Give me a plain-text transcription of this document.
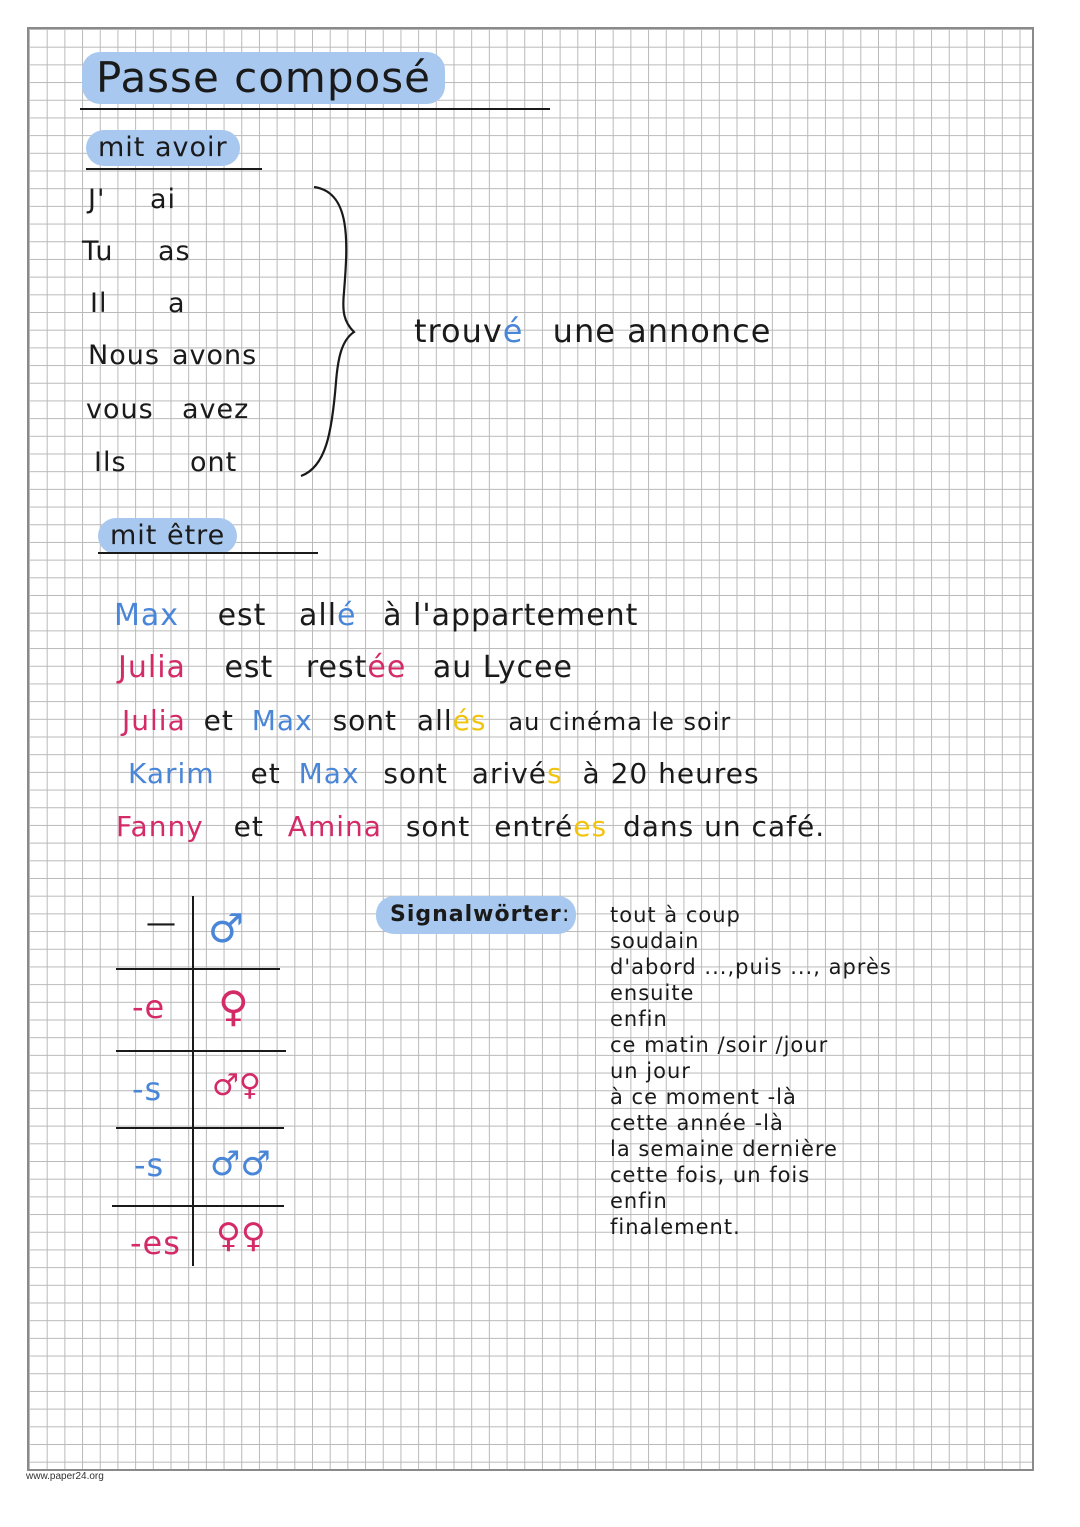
Passe composé
mit avoir
J' ai
Tu as
Il a
Nous avons
vous avez
Ils ont
trouvé une annonce
mit être
Max est allé à l'appartement
Julia est restée au Lycee
Julia et Max sont allés au cinéma le soir
Karim et Max sont arivés à 20 heures
Fanny et Amina sont entrées dans un café.
— ♂
-e ♀
-s ♂♀
-s ♂♂
-es ♀♀
Signalwörter : tout à coup
soudain
d'abord ...,puis ..., après
ensuite
enfin
ce matin /soir /jour
un jour
à ce moment -là
cette année -là
la semaine dernière
cette fois, un fois
enfin
finalement.
www.paper24.org
